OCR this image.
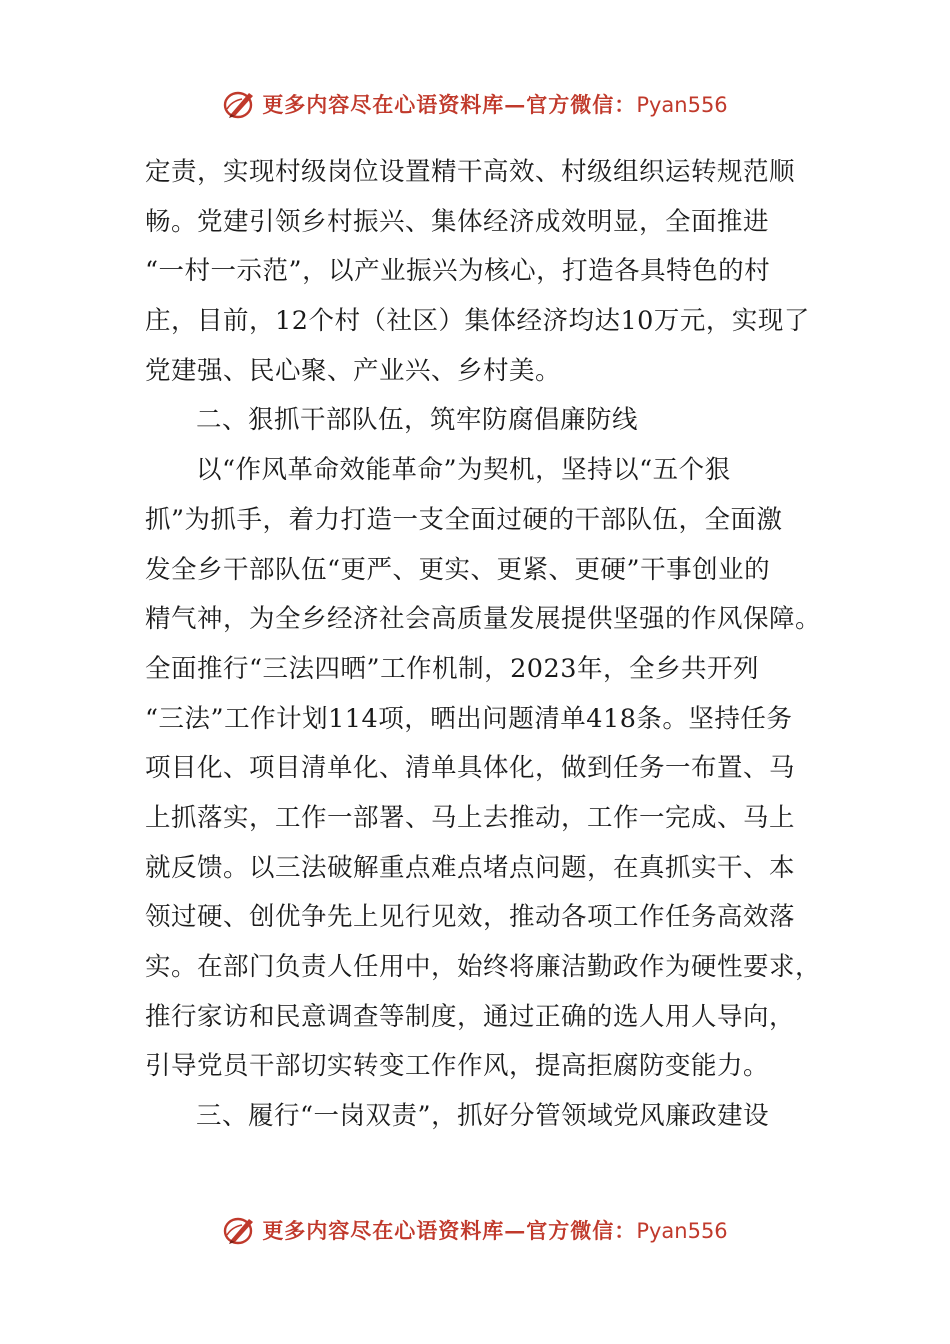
更多内容尽在心语资料库—官方微信：Pyan556
定责，实现村级岗位设置精干高效、村级组织运转规范顺
畅。党建引领乡村振兴、集体经济成效明显，全面推进
“一村一示范”，以产业振兴为核心，打造各具特色的村
庄，目前，12个村（社区）集体经济均达10万元，实现了
党建强、民心聚、产业兴、乡村美。
二、狠抓干部队伍，筑牢防腐倡廉防线
以“作风革命效能革命”为契机，坚持以“五个狠
抓”为抓手，着力打造一支全面过硬的干部队伍，全面激
发全乡干部队伍“更严、更实、更紧、更硬”干事创业的
精气神，为全乡经济社会高质量发展提供坚强的作风保障。
全面推行“三法四晒”工作机制，2023年，全乡共开列
“三法”工作计划114项，晒出问题清单418条。坚持任务
项目化、项目清单化、清单具体化，做到任务一布置、马
上抓落实，工作一部署、马上去推动，工作一完成、马上
就反馈。以三法破解重点难点堵点问题，在真抓实干、本
领过硬、创优争先上见行见效，推动各项工作任务高效落
实。在部门负责人任用中，始终将廉洁勤政作为硬性要求，
推行家访和民意调查等制度，通过正确的选人用人导向，
引导党员干部切实转变工作作风，提高拒腐防变能力。
三、履行“一岗双责”，抓好分管领域党风廉政建设
更多内容尽在心语资料库—官方微信：Pyan556
